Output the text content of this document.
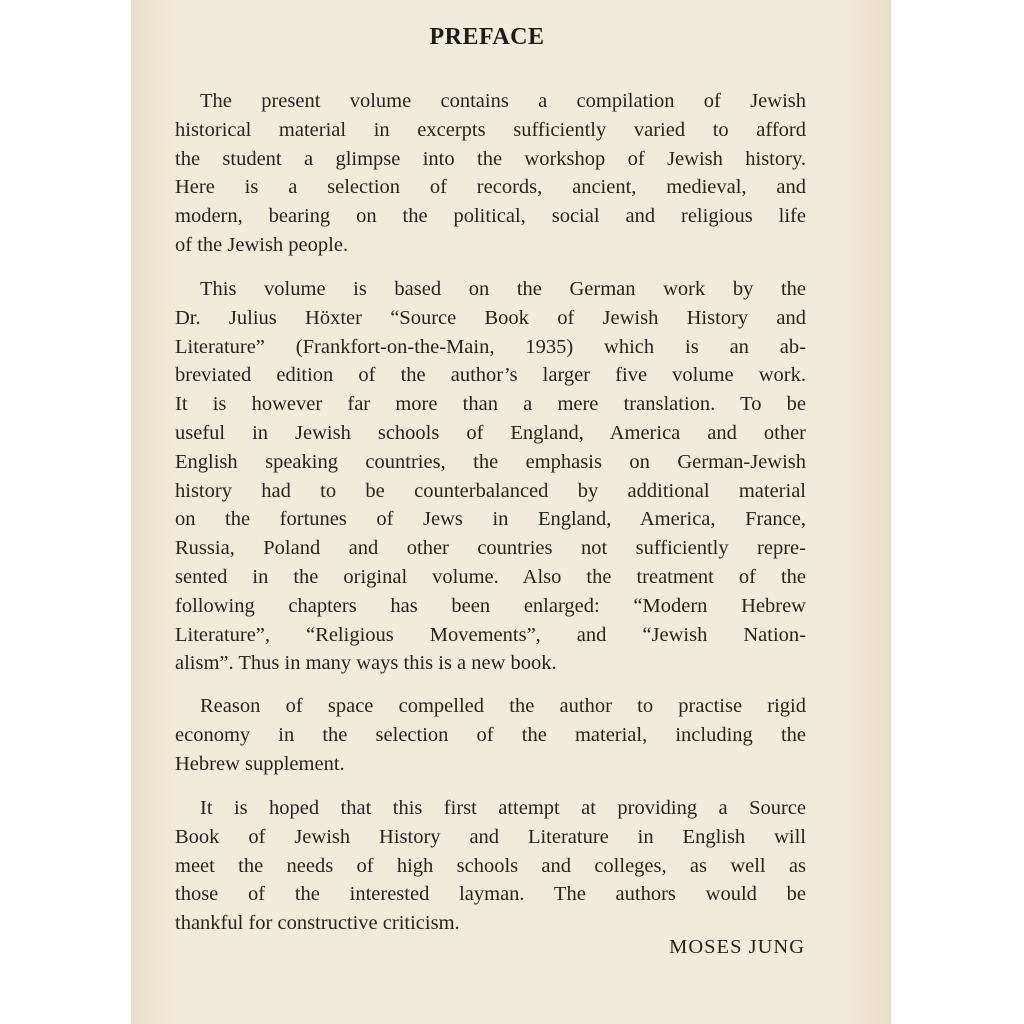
PREFACE
The present volume contains a compilation of Jewish
historical material in excerpts sufficiently varied to afford
the student a glimpse into the workshop of Jewish history.
Here is a selection of records, ancient, medieval, and
modern, bearing on the political, social and religious life
of the Jewish people.
This volume is based on the German work by the
Dr. Julius Höxter “Source Book of Jewish History and
Literature” (Frankfort-on-the-Main, 1935) which is an ab-
breviated edition of the author’s larger five volume work.
It is however far more than a mere translation. To be
useful in Jewish schools of England, America and other
English speaking countries, the emphasis on German-Jewish
history had to be counterbalanced by additional material
on the fortunes of Jews in England, America, France,
Russia, Poland and other countries not sufficiently repre-
sented in the original volume. Also the treatment of the
following chapters has been enlarged: “Modern Hebrew
Literature”, “Religious Movements”, and “Jewish Nation-
alism”. Thus in many ways this is a new book.
Reason of space compelled the author to practise rigid
economy in the selection of the material, including the
Hebrew supplement.
It is hoped that this first attempt at providing a Source
Book of Jewish History and Literature in English will
meet the needs of high schools and colleges, as well as
those of the interested layman. The authors would be
thankful for constructive criticism.
MOSES JUNG
